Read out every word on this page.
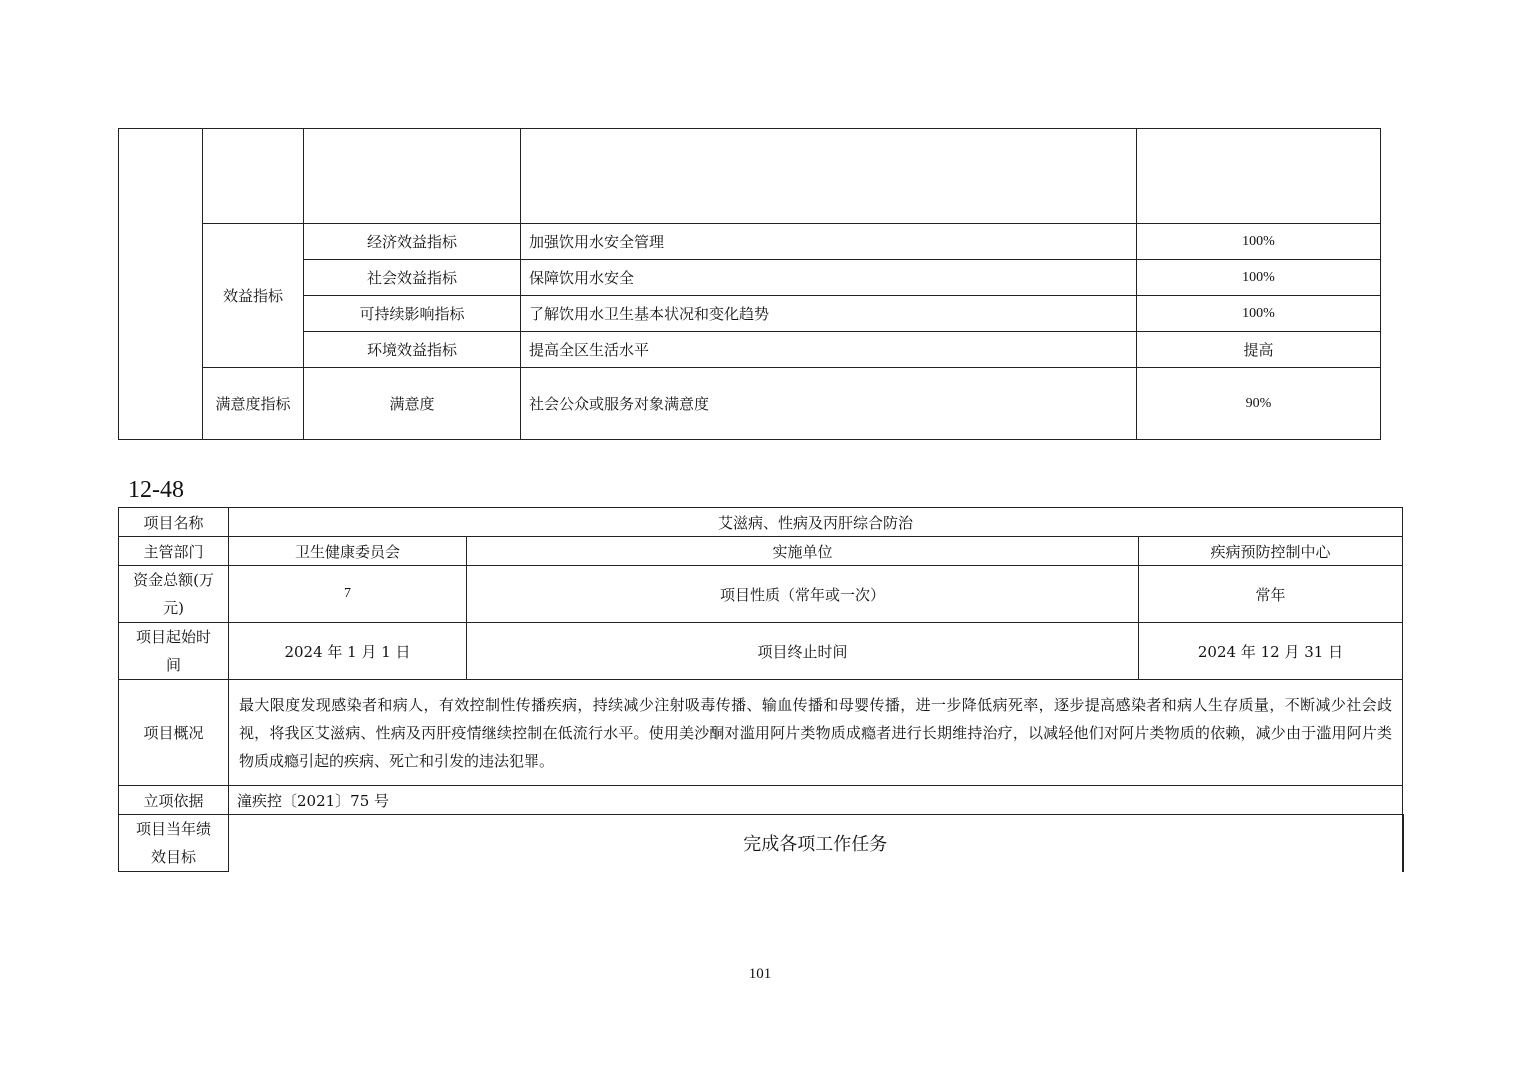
	效益指标	经济效益指标	加强饮用水安全管理	100%
		社会效益指标	保障饮用水安全	100%
		可持续影响指标	了解饮用水卫生基本状况和变化趋势	100%
		环境效益指标	提高全区生活水平	提高
	满意度指标	满意度	社会公众或服务对象满意度	90%
12-48
项目名称	艾滋病、性病及丙肝综合防治		
主管部门	卫生健康委员会	实施单位	疾病预防控制中心
资金总额(万
元)	7	项目性质（常年或一次）	常年
项目起始时
间	2024 年 1 月 1 日	项目终止时间	2024 年 12 月 31 日
项目概况	最大限度发现感染者和病人，有效控制性传播疾病，持续减少注射吸毒传播、输血传播和母婴传播，进一步降低病死率，逐步提高感染者和病人生存质量，不断减少社会歧视，将我区艾滋病、性病及丙肝疫情继续控制在低流行水平。使用美沙酮对滥用阿片类物质成瘾者进行长期维持治疗，以减轻他们对阿片类物质的依赖，减少由于滥用阿片类物质成瘾引起的疾病、死亡和引发的违法犯罪。		
立项依据	潼疾控〔2021〕75 号		
项目当年绩
效目标	完成各项工作任务		
101
